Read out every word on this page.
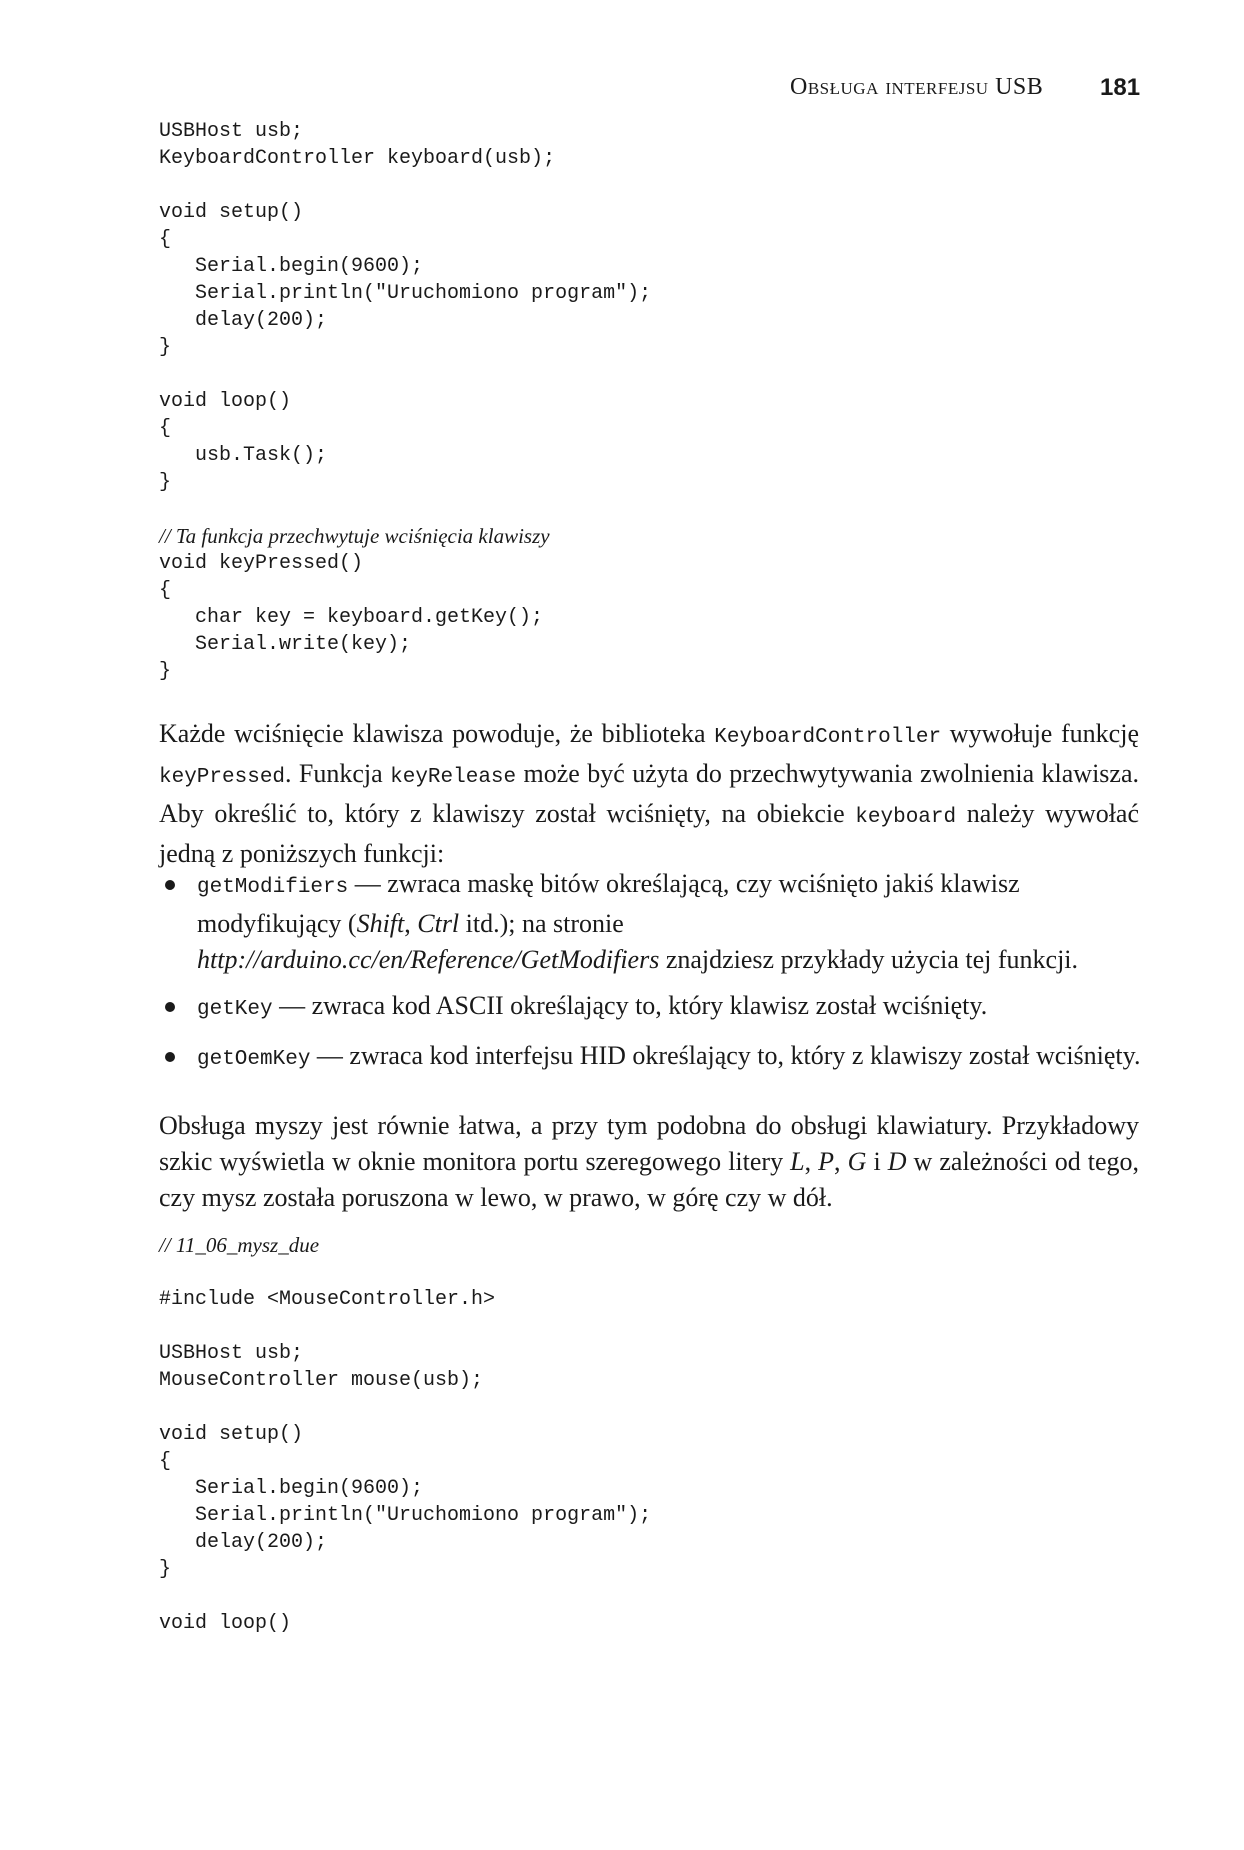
Obsługa interfejsu USB 181
USBHost usb;
KeyboardController keyboard(usb);
void setup()
{
Serial.begin(9600);
Serial.println("Uruchomiono program");
delay(200);
}
void loop()
{
usb.Task();
}
// Ta funkcja przechwytuje wciśnięcia klawiszy
void keyPressed()
{
char key = keyboard.getKey();
Serial.write(key);
}

Każde wciśnięcie klawisza powoduje, że biblioteka KeyboardController wywołuje funkcję keyPressed. Funkcja keyRelease może być użyta do przechwytywania zwolnienia klawisza. Aby określić to, który z klawiszy został wciśnięty, na obiekcie keyboard należy wywołać jedną z poniższych funkcji:

getModifiers — zwraca maskę bitów określającą, czy wciśnięto jakiś klawisz modyfikujący (Shift, Ctrl itd.); na stronie
http://arduino.cc/en/Reference/GetModifiers znajdziesz przykłady użycia tej funkcji.
getKey — zwraca kod ASCII określający to, który klawisz został wciśnięty.
getOemKey — zwraca kod interfejsu HID określający to, który z klawiszy został wciśnięty.

Obsługa myszy jest równie łatwa, a przy tym podobna do obsługi klawiatury. Przykładowy szkic wyświetla w oknie monitora portu szeregowego litery L, P, G i D w zależności od tego, czy mysz została poruszona w lewo, w prawo, w górę czy w dół.

// 11_06_mysz_due
#include <MouseController.h>
USBHost usb;
MouseController mouse(usb);
void setup()
{
Serial.begin(9600);
Serial.println("Uruchomiono program");
delay(200);
}
void loop()
